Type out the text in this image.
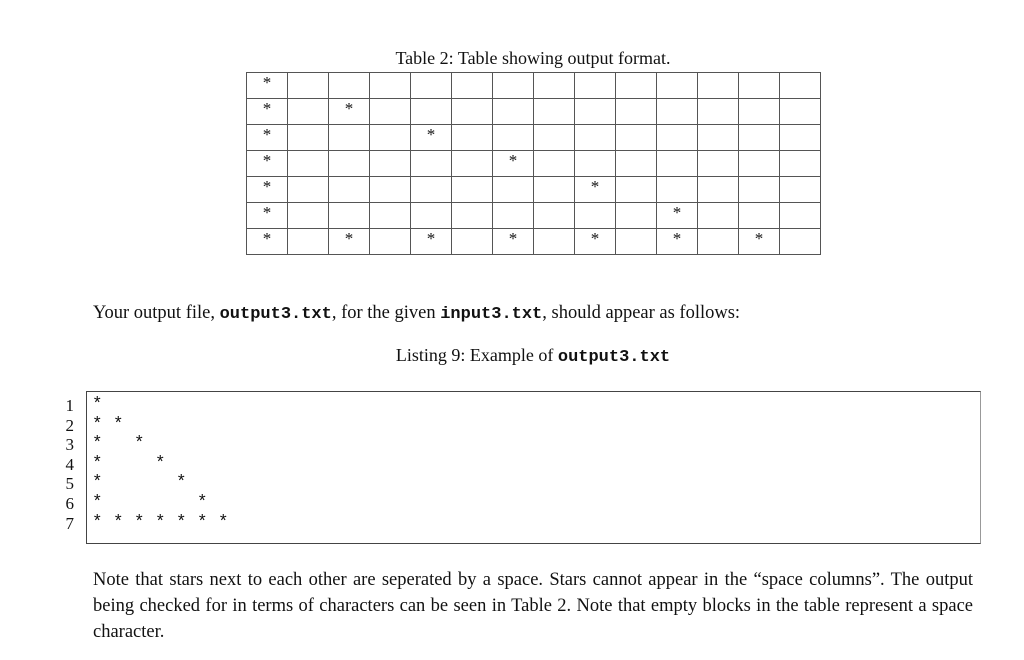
Table 2: Table showing output format.
*													
*		*											
*				*									
*						*							
*								*					
*										*			
*		*		*		*		*		*		*	
Your output file, output3.txt, for the given input3.txt, should appear as follows:
Listing 9: Example of output3.txt
1
2
3
4
5
6
7
*
* *
*   *
*     *
*       *
*         *
* * * * * * *
Note that stars next to each other are seperated by a space. Stars cannot appear in the “space columns”. The output being checked for in terms of characters can be seen in Table 2. Note that empty blocks in the table represent a space character.
